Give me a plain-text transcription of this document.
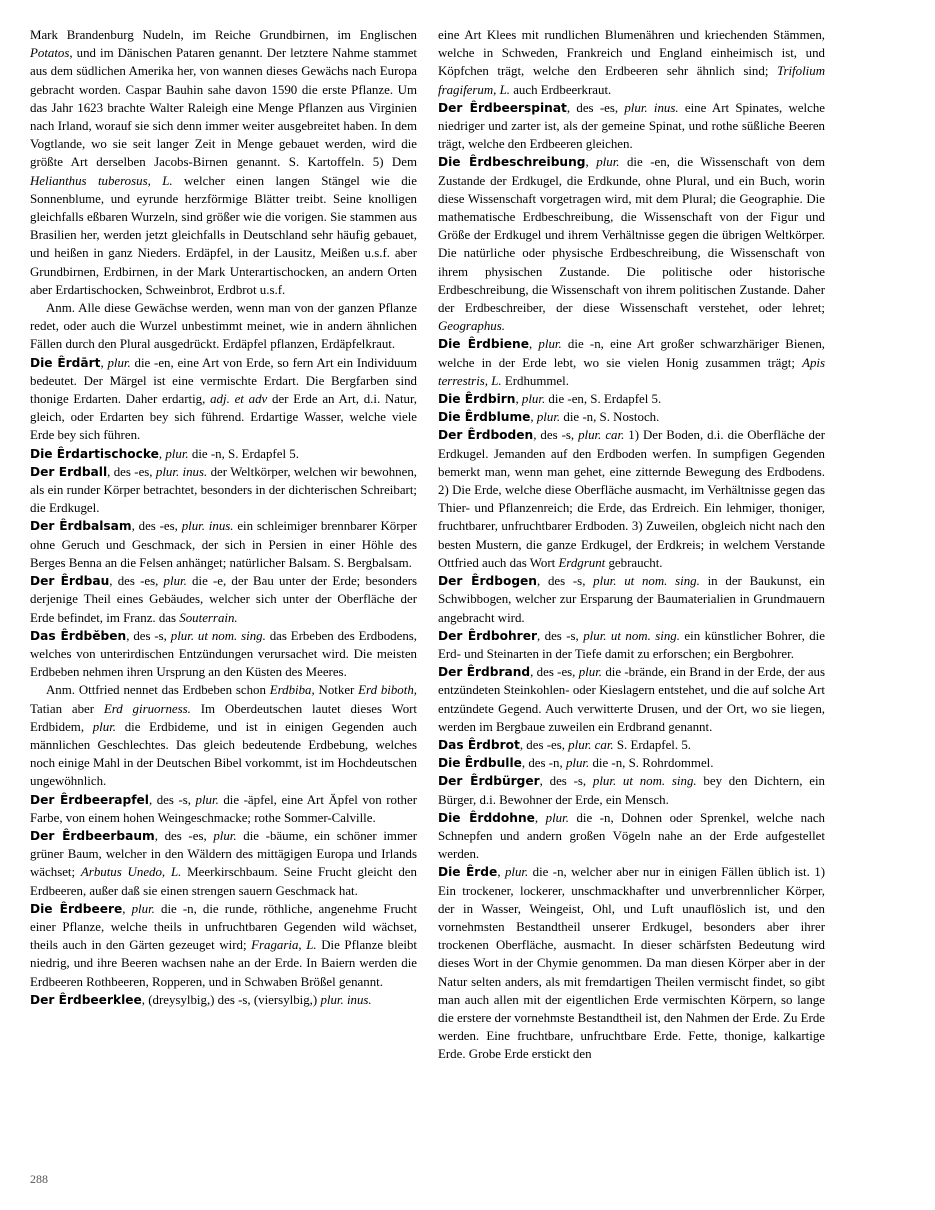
Mark Brandenburg Nudeln, im Reiche Grundbirnen, im Englischen Potatos, und im Dänischen Pataren genannt. Der letztere Nahme stammet aus dem südlichen Amerika her, von wannen dieses Gewächs nach Europa gebracht worden. Caspar Bauhin sahe davon 1590 die erste Pflanze. Um das Jahr 1623 brachte Walter Raleigh eine Menge Pflanzen aus Virginien nach Irland, worauf sie sich denn immer weiter ausgebreitet haben. In dem Vogtlande, wo sie seit langer Zeit in Menge gebauet werden, wird die größte Art derselben Jacobs-Birnen genannt. S. Kartoffeln. 5) Dem Helianthus tuberosus, L. welcher einen langen Stängel wie die Sonnenblume, und eyrunde herzförmige Blätter treibt. Seine knolligen gleichfalls eßbaren Wurzeln, sind größer wie die vorigen. Sie stammen aus Brasilien her, werden jetzt gleichfalls in Deutschland sehr häufig gebauet, und heißen in ganz Nieders. Erdäpfel, in der Lausitz, Meißen u.s.f. aber Grundbirnen, Erdbirnen, in der Mark Unterartischocken, an andern Orten aber Erdartischocken, Schweinbrot, Erdbrot u.s.f.

Anm. Alle diese Gewächse werden, wenn man von der ganzen Pflanze redet, oder auch die Wurzel unbestimmt meinet, wie in andern ähnlichen Fällen durch den Plural ausgedrückt. Erdäpfel pflanzen, Erdäpfelkraut.

Die Êrdārt, plur. die -en, eine Art von Erde, so fern Art ein Individuum bedeutet. Der Märgel ist eine vermischte Erdart. Die Bergfarben sind thonige Erdarten. Daher erdartig, adj. et adv der Erde an Art, d.i. Natur, gleich, oder Erdarten bey sich führend. Erdartige Wasser, welche viele Erde bey sich führen.

Die Êrdartischocke, plur. die -n, S. Erdapfel 5.

Der Erdball, des -es, plur. inus. der Weltkörper, welchen wir bewohnen, als ein runder Körper betrachtet, besonders in der dichterischen Schreibart; die Erdkugel.

Der Êrdbalsam, des -es, plur. inus. ein schleimiger brennbarer Körper ohne Geruch und Geschmack, der sich in Persien in einer Höhle des Berges Benna an die Felsen anhänget; natürlicher Balsam. S. Bergbalsam.

Der Êrdbau, des -es, plur. die -e, der Bau unter der Erde; besonders derjenige Theil eines Gebäudes, welcher sich unter der Oberfläche der Erde befindet, im Franz. das Souterrain.

Das Êrdbĕben, des -s, plur. ut nom. sing. das Erbeben des Erdbodens, welches von unterirdischen Entzündungen verursachet wird. Die meisten Erdbeben nehmen ihren Ursprung an den Küsten des Meeres.

Anm. Ottfried nennet das Erdbeben schon Erdbiba, Notker Erd biboth, Tatian aber Erd giruorness. Im Oberdeutschen lautet dieses Wort Erdbidem, plur. die Erdbideme, und ist in einigen Gegenden auch männlichen Geschlechtes. Das gleich bedeutende Erdbebung, welches noch einige Mahl in der Deutschen Bibel vorkommt, ist im Hochdeutschen ungewöhnlich.

Der Êrdbeerapfel, des -s, plur. die -äpfel, eine Art Äpfel von rother Farbe, von einem hohen Weingeschmacke; rothe Sommer-Calville.

Der Êrdbeerbaum, des -es, plur. die -bäume, ein schöner immer grüner Baum, welcher in den Wäldern des mittägigen Europa und Irlands wächset; Arbutus Unedo, L. Meerkirschbaum. Seine Frucht gleicht den Erdbeeren, außer daß sie einen strengen sauern Geschmack hat.

Die Êrdbeere, plur. die -n, die runde, röthliche, angenehme Frucht einer Pflanze, welche theils in unfruchtbaren Gegenden wild wächset, theils auch in den Gärten gezeuget wird; Fragaria, L. Die Pflanze bleibt niedrig, und ihre Beeren wachsen nahe an der Erde. In Baiern werden die Erdbeeren Rothbeeren, Ropperen, und in Schwaben Brößel genannt.

Der Êrdbeerklee, (dreysylbig,) des -s, (viersylbig,) plur. inus.

eine Art Klees mit rundlichen Blumenähren und kriechenden Stämmen, welche in Schweden, Frankreich und England einheimisch ist, und Köpfchen trägt, welche den Erdbeeren sehr ähnlich sind; Trifolium fragiferum, L. auch Erdbeerkraut.

Der Êrdbeerspinat, des -es, plur. inus. eine Art Spinates, welche niedriger und zarter ist, als der gemeine Spinat, und rothe süßliche Beeren trägt, welche den Erdbeeren gleichen.

Die Êrdbeschreibung, plur. die -en, die Wissenschaft von dem Zustande der Erdkugel, die Erdkunde, ohne Plural, und ein Buch, worin diese Wissenschaft vorgetragen wird, mit dem Plural; die Geographie. Die mathematische Erdbeschreibung, die Wissenschaft von der Figur und Größe der Erdkugel und ihrem Verhältnisse gegen die übrigen Weltkörper. Die natürliche oder physische Erdbeschreibung, die Wissenschaft von ihrem physischen Zustande. Die politische oder historische Erdbeschreibung, die Wissenschaft von ihrem politischen Zustande. Daher der Erdbeschreiber, der diese Wissenschaft verstehet, oder lehret; Geographus.

Die Êrdbiene, plur. die -n, eine Art großer schwarzhäriger Bienen, welche in der Erde lebt, wo sie vielen Honig zusammen trägt; Apis terrestris, L. Erdhummel.

Die Êrdbirn, plur. die -en, S. Erdapfel 5.

Die Êrdblume, plur. die -n, S. Nostoch.

Der Êrdboden, des -s, plur. car. 1) Der Boden, d.i. die Oberfläche der Erdkugel. Jemanden auf den Erdboden werfen. In sumpfigen Gegenden bemerkt man, wenn man gehet, eine zitternde Bewegung des Erdbodens. 2) Die Erde, welche diese Oberfläche ausmacht, im Verhältnisse gegen das Thier- und Pflanzenreich; die Erde, das Erdreich. Ein lehmiger, thoniger, fruchtbarer, unfruchtbarer Erdboden. 3) Zuweilen, obgleich nicht nach den besten Mustern, die ganze Erdkugel, der Erdkreis; in welchem Verstande Ottfried auch das Wort Erdgrunt gebraucht.

Der Êrdbogen, des -s, plur. ut nom. sing. in der Baukunst, ein Schwibbogen, welcher zur Ersparung der Baumaterialien in Grundmauern angebracht wird.

Der Êrdbohrer, des -s, plur. ut nom. sing. ein künstlicher Bohrer, die Erd- und Steinarten in der Tiefe damit zu erforschen; ein Bergbohrer.

Der Êrdbrand, des -es, plur. die -brände, ein Brand in der Erde, der aus entzündeten Steinkohlen- oder Kieslagern entstehet, und die auf solche Art entzündete Gegend. Auch verwitterte Drusen, und der Ort, wo sie liegen, werden im Bergbaue zuweilen ein Erdbrand genannt.

Das Êrdbrot, des -es, plur. car. S. Erdapfel. 5.

Die Êrdbulle, des -n, plur. die -n, S. Rohrdommel.

Der Êrdbürger, des -s, plur. ut nom. sing. bey den Dichtern, ein Bürger, d.i. Bewohner der Erde, ein Mensch.

Die Êrddohne, plur. die -n, Dohnen oder Sprenkel, welche nach Schnepfen und andern großen Vögeln nahe an der Erde aufgestellet werden.

Die Êrde, plur. die -n, welcher aber nur in einigen Fällen üblich ist. 1) Ein trockener, lockerer, unschmackhafter und unverbrennlicher Körper, der in Wasser, Weingeist, Ohl, und Luft unauflöslich ist, und den vornehmsten Bestandtheil unserer Erdkugel, besonders aber ihrer trockenen Oberfläche, ausmacht. In dieser schärfsten Bedeutung wird dieses Wort in der Chymie genommen. Da man diesen Körper aber in der Natur selten anders, als mit fremdartigen Theilen vermischt findet, so gibt man auch allen mit der eigentlichen Erde vermischten Körpern, so lange die erstere der vornehmste Bestandtheil ist, den Nahmen der Erde. Zu Erde werden. Eine fruchtbare, unfruchtbare Erde. Fette, thonige, kalkartige Erde. Grobe Erde erstickt den

288
